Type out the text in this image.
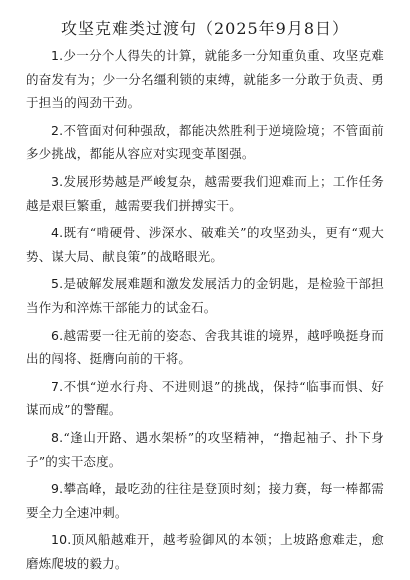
攻坚克难类过渡句（2025年9月8日）

1.少一分个人得失的计算，就能多一分知重负重、攻坚克难的奋发有为；少一分名缰利锁的束缚，就能多一分敢于负责、勇于担当的闯劲干劲。

2.不管面对何种强敌，都能决然胜利于逆境险境；不管面前多少挑战，都能从容应对实现变革图强。

3.发展形势越是严峻复杂，越需要我们迎难而上；工作任务越是艰巨繁重，越需要我们拼搏实干。

4.既有“啃硬骨、涉深水、破难关”的攻坚劲头，更有“观大势、谋大局、献良策”的战略眼光。

5.是破解发展难题和激发发展活力的金钥匙，是检验干部担当作为和淬炼干部能力的试金石。

6.越需要一往无前的姿态、舍我其谁的境界，越呼唤挺身而出的闯将、挺膺向前的干将。

7.不惧“逆水行舟、不进则退”的挑战，保持“临事而惧、好谋而成”的警醒。

8.“逢山开路、遇水架桥”的攻坚精神，“撸起袖子、扑下身子”的实干态度。

9.攀高峰，最吃劲的往往是登顶时刻；接力赛，每一棒都需要全力全速冲刺。

10.顶风船越难开，越考验御风的本领；上坡路愈难走，愈磨炼爬坡的毅力。
